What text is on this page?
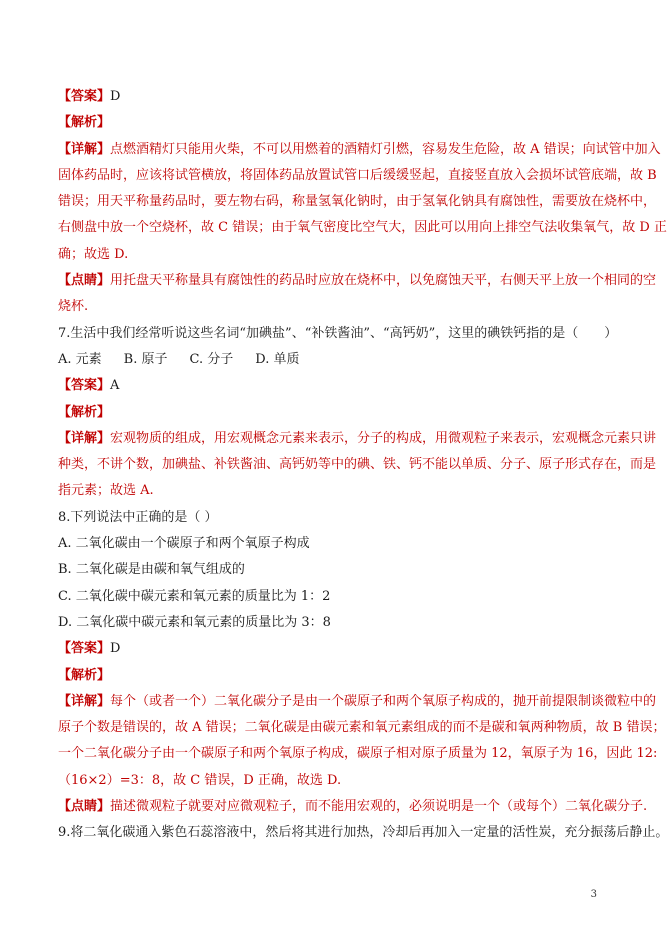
【答案】D

【解析】

【详解】点燃酒精灯只能用火柴，不可以用燃着的酒精灯引燃，容易发生危险，故 A 错误；向试管中加入

固体药品时，应该将试管横放，将固体药品放置试管口后缓缓竖起，直接竖直放入会损坏试管底端，故 B

错误；用天平称量药品时，要左物右码，称量氢氧化钠时，由于氢氧化钠具有腐蚀性，需要放在烧杯中，

右侧盘中放一个空烧杯，故 C 错误；由于氧气密度比空气大，因此可以用向上排空气法收集氧气，故 D 正

确；故选 D.

【点睛】用托盘天平称量具有腐蚀性的药品时应放在烧杯中，以免腐蚀天平，右侧天平上放一个相同的空

烧杯.

7.生活中我们经常听说这些名词“加碘盐”、“补铁酱油”、“高钙奶”，这里的碘铁钙指的是（　　）

A. 元素 B. 原子 C. 分子 D. 单质

【答案】A

【解析】

【详解】宏观物质的组成，用宏观概念元素来表示，分子的构成，用微观粒子来表示，宏观概念元素只讲

种类，不讲个数，加碘盐、补铁酱油、高钙奶等中的碘、铁、钙不能以单质、分子、原子形式存在，而是

指元素；故选 A.

8.下列说法中正确的是（ ）

A. 二氧化碳由一个碳原子和两个氧原子构成

B. 二氧化碳是由碳和氧气组成的

C. 二氧化碳中碳元素和氧元素的质量比为 1：2

D. 二氧化碳中碳元素和氧元素的质量比为 3：8

【答案】D

【解析】

【详解】每个（或者一个）二氧化碳分子是由一个碳原子和两个氧原子构成的，抛开前提限制谈微粒中的

原子个数是错误的，故 A 错误；二氧化碳是由碳元素和氧元素组成的而不是碳和氧两种物质，故 B 错误；

一个二氧化碳分子由一个碳原子和两个氧原子构成，碳原子相对原子质量为 12，氧原子为 16，因此 12:

（16×2）=3：8，故 C 错误，D 正确，故选 D.

【点睛】描述微观粒子就要对应微观粒子，而不能用宏观的，必须说明是一个（或每个）二氧化碳分子.

9.将二氧化碳通入紫色石蕊溶液中，然后将其进行加热，冷却后再加入一定量的活性炭，充分振荡后静止。

3
